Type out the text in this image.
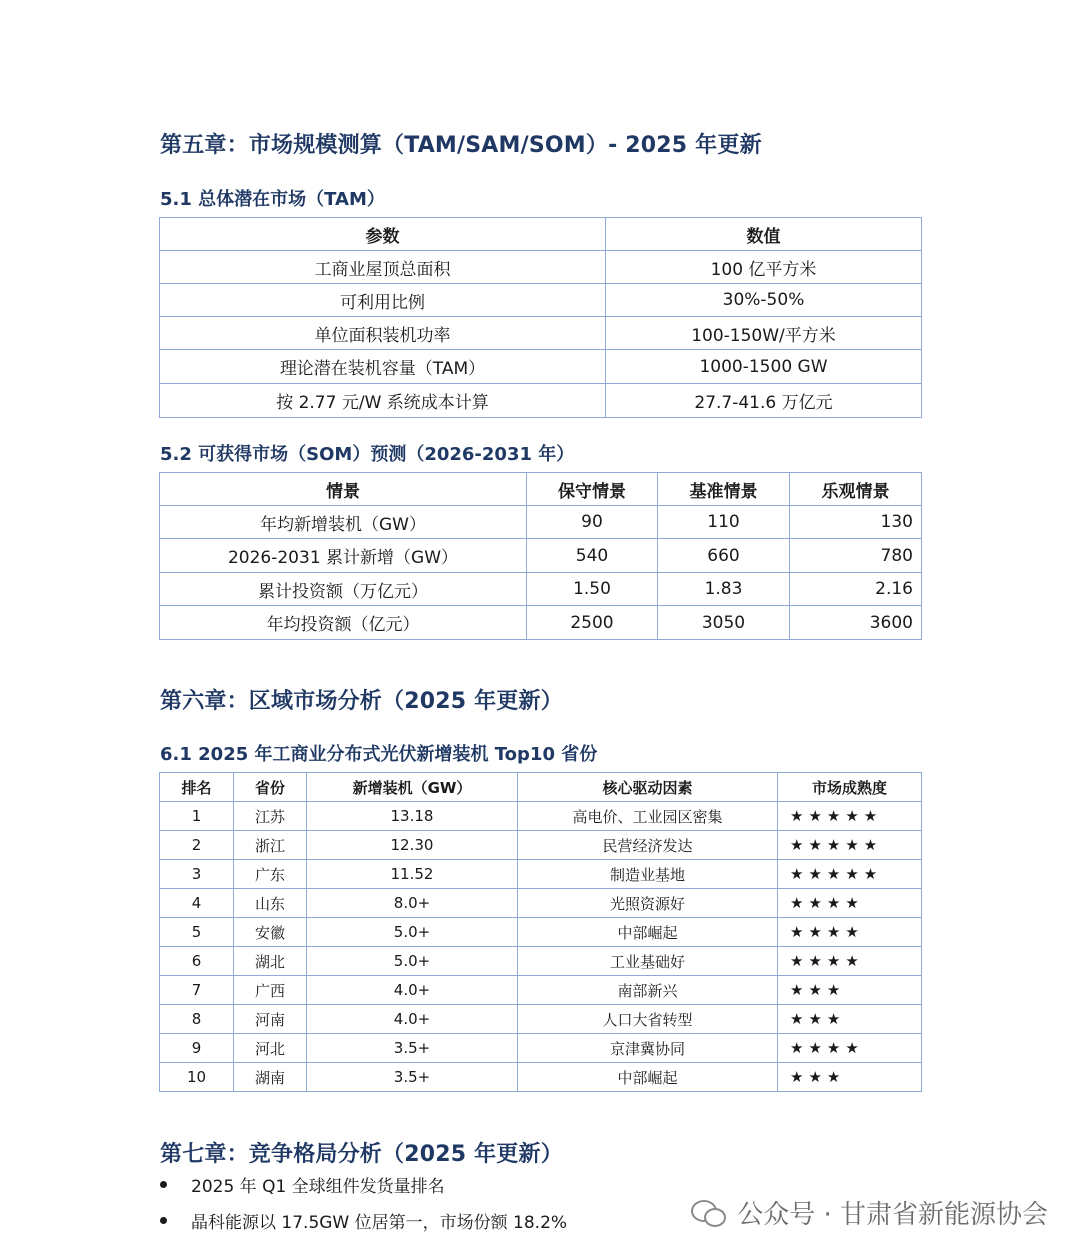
第五章：市场规模测算（TAM/SAM/SOM）- 2025 年更新
5.1 总体潜在市场（TAM）
参数	数值
工商业屋顶总面积	100 亿平方米
可利用比例	30%-50%
单位面积装机功率	100-150W/平方米
理论潜在装机容量（TAM）	1000-1500 GW
按 2.77 元/W 系统成本计算	27.7-41.6 万亿元
5.2 可获得市场（SOM）预测（2026-2031 年）
情景	保守情景	基准情景	乐观情景
年均新增装机（GW）	90	110	130
2026-2031 累计新增（GW）	540	660	780
累计投资额（万亿元）	1.50	1.83	2.16
年均投资额（亿元）	2500	3050	3600
第六章：区域市场分析（2025 年更新）
6.1 2025 年工商业分布式光伏新增装机 Top10 省份
排名	省份	新增装机（GW）	核心驱动因素	市场成熟度
1	江苏	13.18	高电价、工业园区密集	★★★★★
2	浙江	12.30	民营经济发达	★★★★★
3	广东	11.52	制造业基地	★★★★★
4	山东	8.0+	光照资源好	★★★★
5	安徽	5.0+	中部崛起	★★★★
6	湖北	5.0+	工业基础好	★★★★
7	广西	4.0+	南部新兴	★★★
8	河南	4.0+	人口大省转型	★★★
9	河北	3.5+	京津冀协同	★★★★
10	湖南	3.5+	中部崛起	★★★
第七章：竞争格局分析（2025 年更新）
2025 年 Q1 全球组件发货量排名
晶科能源以 17.5GW 位居第一，市场份额 18.2%	公众号 · 甘肃省新能源协会
